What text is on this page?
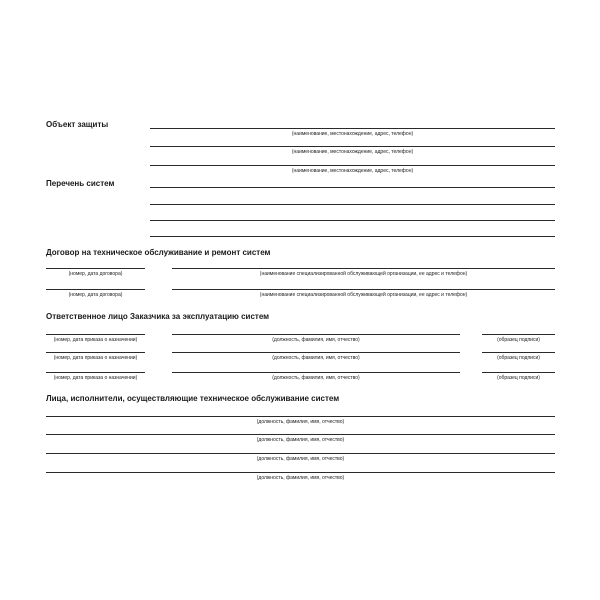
Объект защиты
(наименование, местонахождение, адрес, телефон)
(наименование, местонахождение, адрес, телефон)
(наименование, местонахождение, адрес, телефон)
Перечень систем
Договор на техническое обслуживание и ремонт систем
(номер, дата договора)	(наименование специализированной обслуживающей организации, ее адрес и телефон)
(номер, дата договора)	(наименование специализированной обслуживающей организации, ее адрес и телефон)
Ответственное лицо Заказчика за эксплуатацию систем
(номер, дата приказа о назначении)	(должность, фамилия, имя, отчество)	(образец подписи)
(номер, дата приказа о назначении)	(должность, фамилия, имя, отчество)	(образец подписи)
(номер, дата приказа о назначении)	(должность, фамилия, имя, отчество)	(образец подписи)
Лица, исполнители, осуществляющие техническое обслуживание систем
(должность, фамилия, имя, отчество)
(должность, фамилия, имя, отчество)
(должность, фамилия, имя, отчество)
(должность, фамилия, имя, отчество)
